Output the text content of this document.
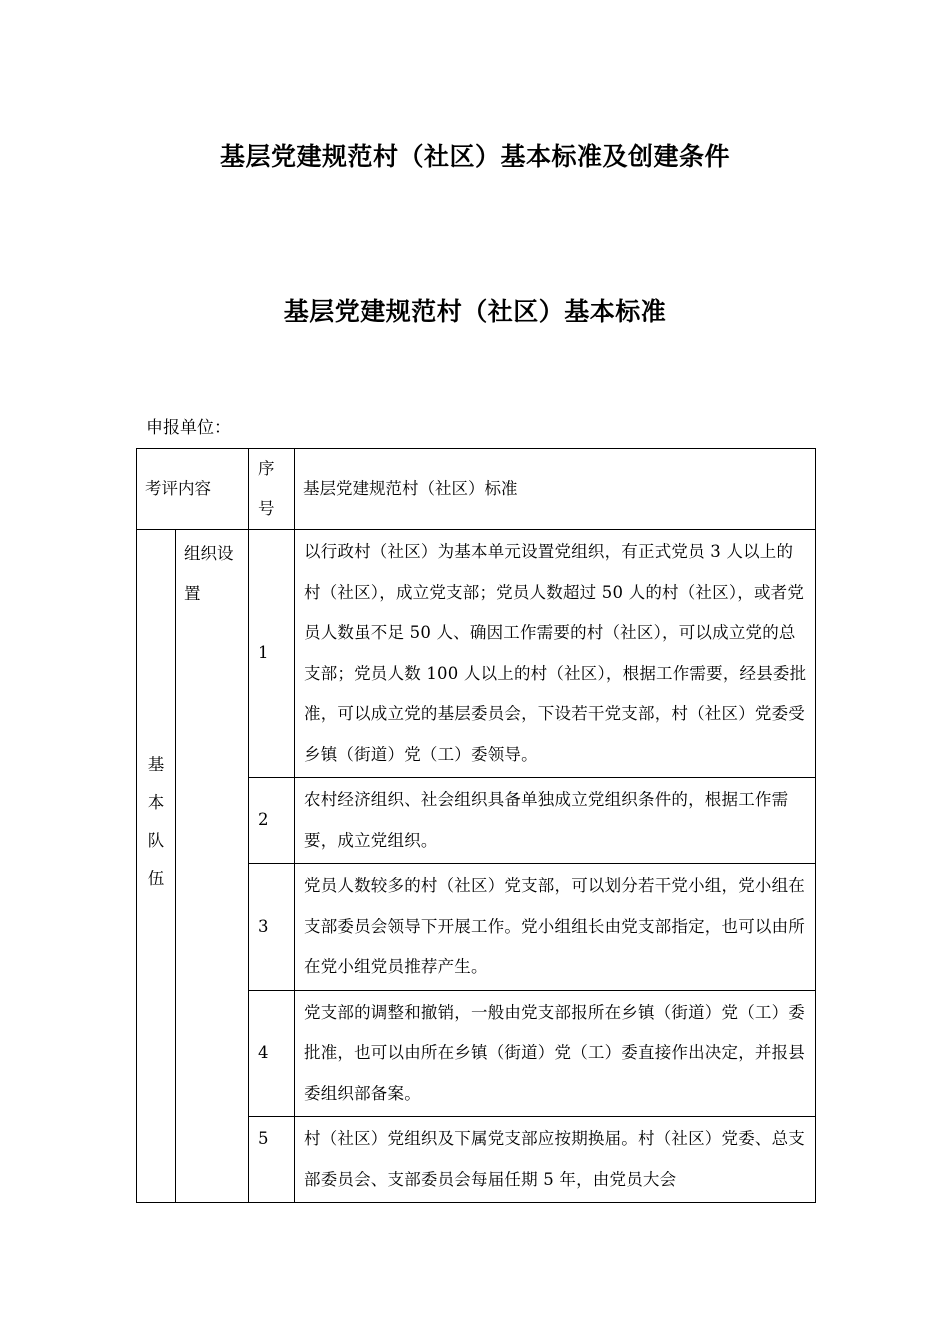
基层党建规范村（社区）基本标准及创建条件
基层党建规范村（社区）基本标准
申报单位：
考评内容		序号	基层党建规范村（社区）标准

基本队伍	组织设置	1	以行政村（社区）为基本单元设置党组织，有正式党员 3 人以上的村（社区），成立党支部；党员人数超过 50 人的村（社区），或者党员人数虽不足 50 人、确因工作需要的村（社区），可以成立党的总支部；党员人数 100 人以上的村（社区），根据工作需要，经县委批准，可以成立党的基层委员会，下设若干党支部，村（社区）党委受乡镇（街道）党（工）委领导。
		2	农村经济组织、社会组织具备单独成立党组织条件的，根据工作需要，成立党组织。
		3	党员人数较多的村（社区）党支部，可以划分若干党小组，党小组在支部委员会领导下开展工作。党小组组长由党支部指定，也可以由所在党小组党员推荐产生。
		4	党支部的调整和撤销，一般由党支部报所在乡镇（街道）党（工）委批准，也可以由所在乡镇（街道）党（工）委直接作出决定，并报县委组织部备案。
		5	村（社区）党组织及下属党支部应按期换届。村（社区）党委、总支部委员会、支部委员会每届任期 5 年，由党员大会
